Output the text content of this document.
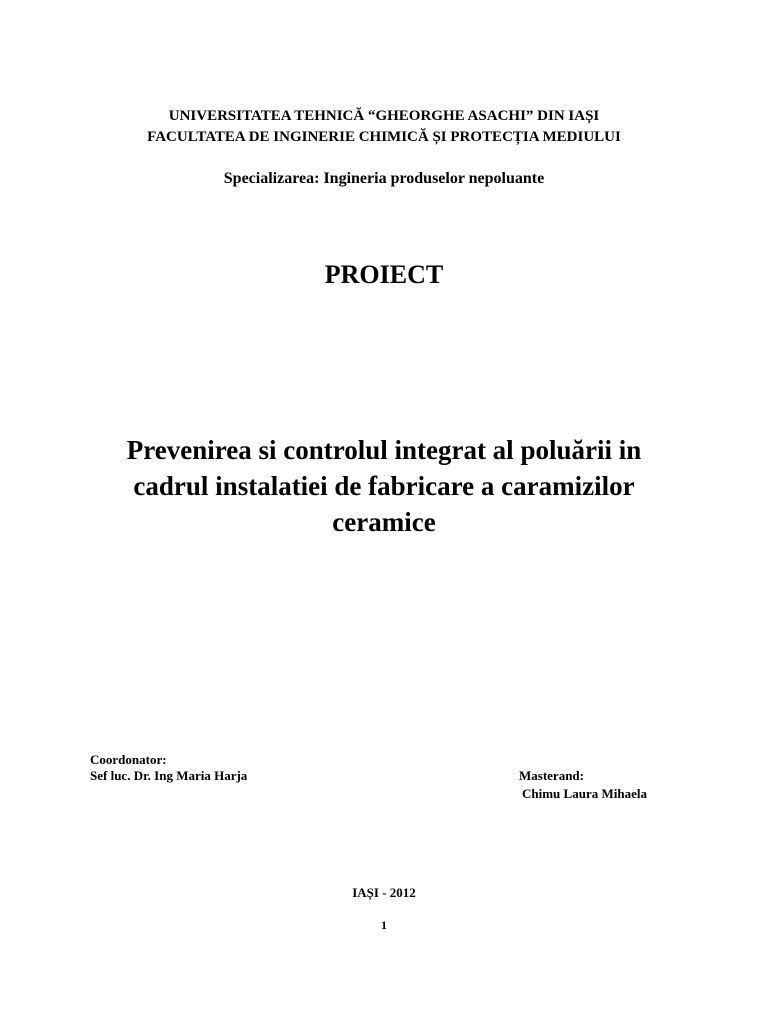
UNIVERSITATEA TEHNICĂ “GHEORGHE ASACHI” DIN IAȘI
FACULTATEA DE INGINERIE CHIMICĂ ȘI PROTECȚIA MEDIULUI
Specializarea: Ingineria produselor nepoluante
PROIECT
Prevenirea si controlul integrat al poluării in
cadrul instalatiei de fabricare a caramizilor
ceramice
Coordonator:
Sef luc. Dr. Ing Maria Harja	Masterand:
Chimu Laura Mihaela
IAȘI - 2012
1
